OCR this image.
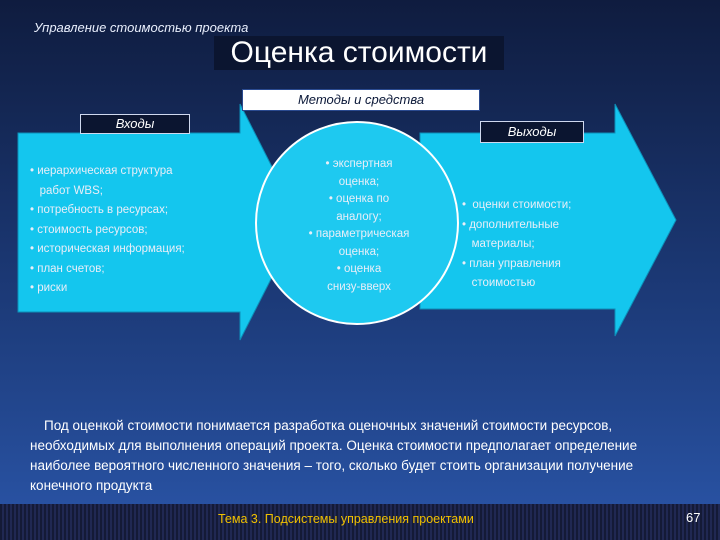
Управление стоимостью проекта
Оценка стоимости
Методы и средства
Входы
Выходы
• иерархическая структура
работ WBS;
• потребность в ресурсах;
• стоимость ресурсов;
• историческая информация;
• план счетов;
• риски
• экспертная
оценка;
• оценка по
аналогу;
• параметрическая
оценка;
• оценка
снизу-вверх
•  оценки стоимости;
• дополнительные
материалы;
• план управления
стоимостью
Под оценкой стоимости понимается разработка оценочных значений стоимости ресурсов, необходимых для выполнения операций проекта. Оценка стоимости предполагает определение наиболее вероятного численного значения – того, сколько будет стоить организации получение конечного продукта
Тема 3. Подсистемы управления проектами	67
